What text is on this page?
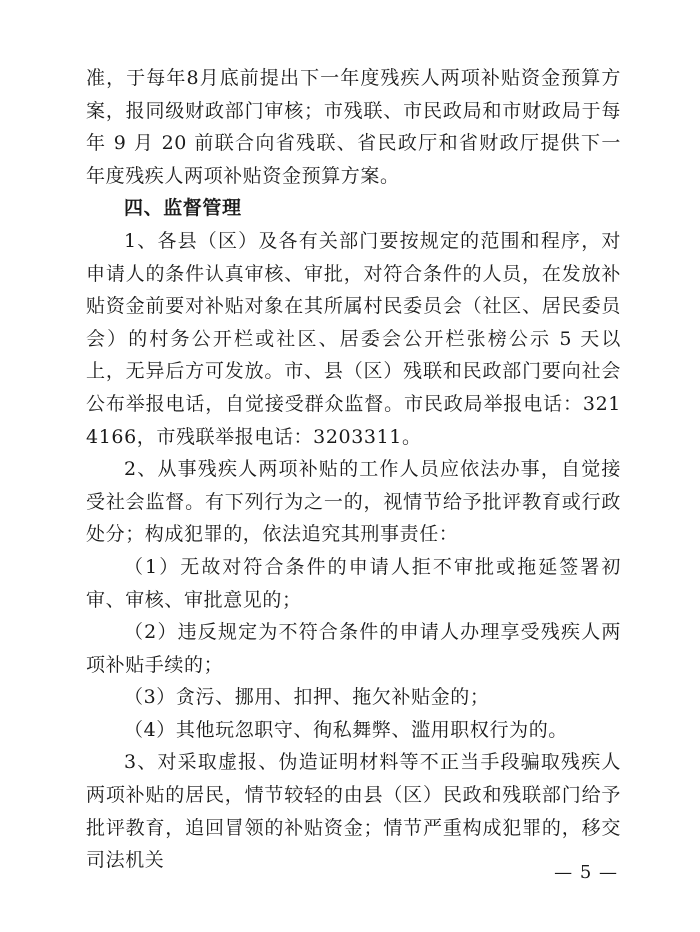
准，于每年8月底前提出下一年度残疾人两项补贴资金预算方案，报同级财政部门审核；市残联、市民政局和市财政局于每年 9 月 20 前联合向省残联、省民政厅和省财政厅提供下一年度残疾人两项补贴资金预算方案。

四、监督管理

1、各县（区）及各有关部门要按规定的范围和程序，对申请人的条件认真审核、审批，对符合条件的人员，在发放补贴资金前要对补贴对象在其所属村民委员会（社区、居民委员会）的村务公开栏或社区、居委会公开栏张榜公示 5 天以上，无异后方可发放。市、县（区）残联和民政部门要向社会公布举报电话，自觉接受群众监督。市民政局举报电话：3214166，市残联举报电话：3203311。

2、从事残疾人两项补贴的工作人员应依法办事，自觉接受社会监督。有下列行为之一的，视情节给予批评教育或行政处分；构成犯罪的，依法追究其刑事责任：

（1）无故对符合条件的申请人拒不审批或拖延签署初审、审核、审批意见的；

（2）违反规定为不符合条件的申请人办理享受残疾人两项补贴手续的；

（3）贪污、挪用、扣押、拖欠补贴金的；

（4）其他玩忽职守、徇私舞弊、滥用职权行为的。

3、对采取虚报、伪造证明材料等不正当手段骗取残疾人两项补贴的居民，情节较轻的由县（区）民政和残联部门给予批评教育，追回冒领的补贴资金；情节严重构成犯罪的，移交司法机关

— 5 —
